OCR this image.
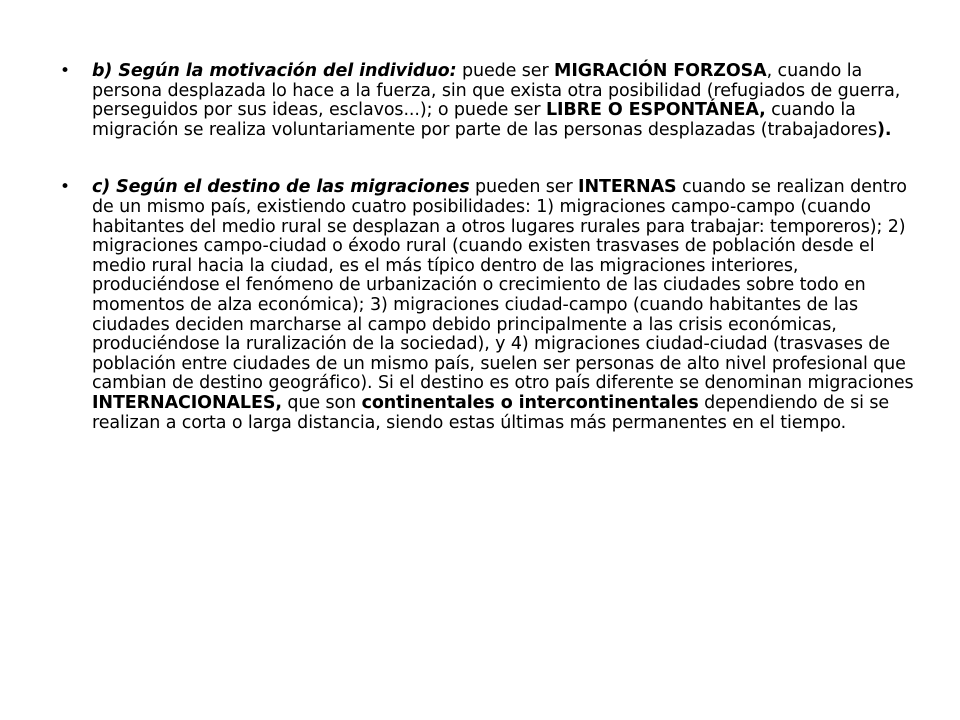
• b) Según la motivación del individuo: puede ser MIGRACIÓN FORZOSA, cuando la persona desplazada lo hace a la fuerza, sin que exista otra posibilidad (refugiados de guerra, perseguidos por sus ideas, esclavos...); o puede ser LIBRE O ESPONTÁNEA, cuando la migración se realiza voluntariamente por parte de las personas desplazadas (trabajadores).
• c) Según el destino de las migraciones pueden ser INTERNAS cuando se realizan dentro de un mismo país, existiendo cuatro posibilidades: 1) migraciones campo-campo (cuando habitantes del medio rural se desplazan a otros lugares rurales para trabajar: temporeros); 2) migraciones campo-ciudad o éxodo rural (cuando existen trasvases de población desde el medio rural hacia la ciudad, es el más típico dentro de las migraciones interiores, produciéndose el fenómeno de urbanización o crecimiento de las ciudades sobre todo en momentos de alza económica); 3) migraciones ciudad-campo (cuando habitantes de las ciudades deciden marcharse al campo debido principalmente a las crisis económicas, produciéndose la ruralización de la sociedad), y 4) migraciones ciudad-ciudad (trasvases de población entre ciudades de un mismo país, suelen ser personas de alto nivel profesional que cambian de destino geográfico). Si el destino es otro país diferente se denominan migraciones INTERNACIONALES, que son continentales o intercontinentales dependiendo de si se realizan a corta o larga distancia, siendo estas últimas más permanentes en el tiempo.
